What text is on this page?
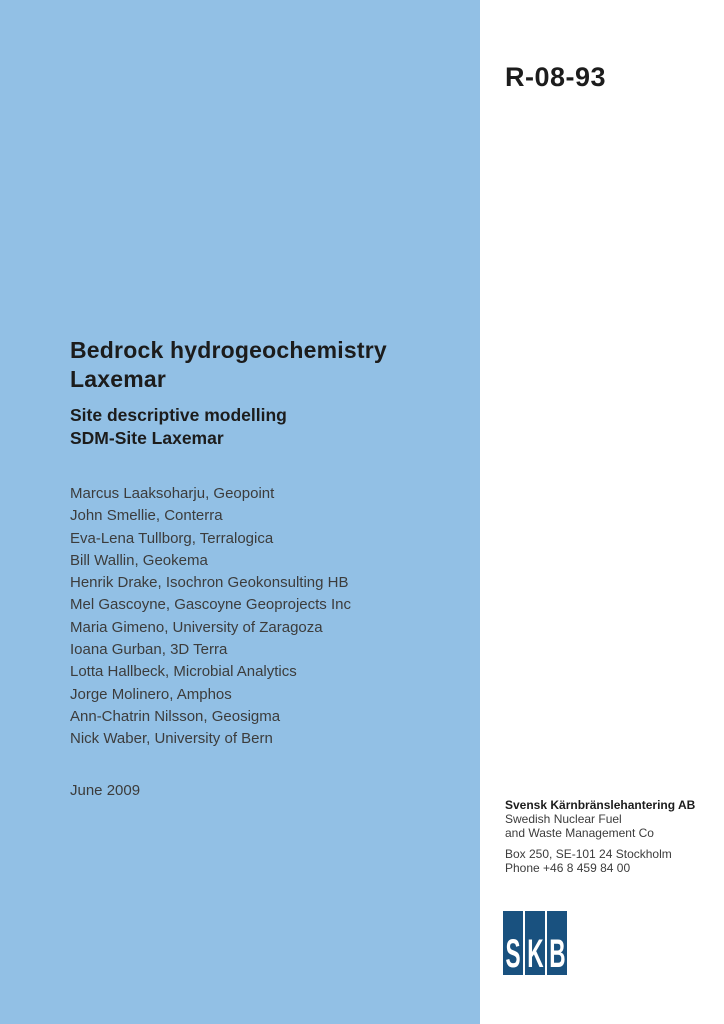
R-08-93
Bedrock hydrogeochemistry
Laxemar
Site descriptive modelling
SDM-Site Laxemar
Marcus Laaksoharju, Geopoint
John Smellie, Conterra
Eva-Lena Tullborg, Terralogica
Bill Wallin, Geokema
Henrik Drake, Isochron Geokonsulting HB
Mel Gascoyne, Gascoyne Geoprojects Inc
Maria Gimeno, University of Zaragoza
Ioana Gurban, 3D Terra
Lotta Hallbeck, Microbial Analytics
Jorge Molinero, Amphos
Ann-Chatrin Nilsson, Geosigma
Nick Waber, University of Bern
June 2009
Svensk Kärnbränslehantering AB
Swedish Nuclear Fuel
and Waste Management Co
Box 250, SE-101 24 Stockholm
Phone +46 8 459 84 00
S K B
